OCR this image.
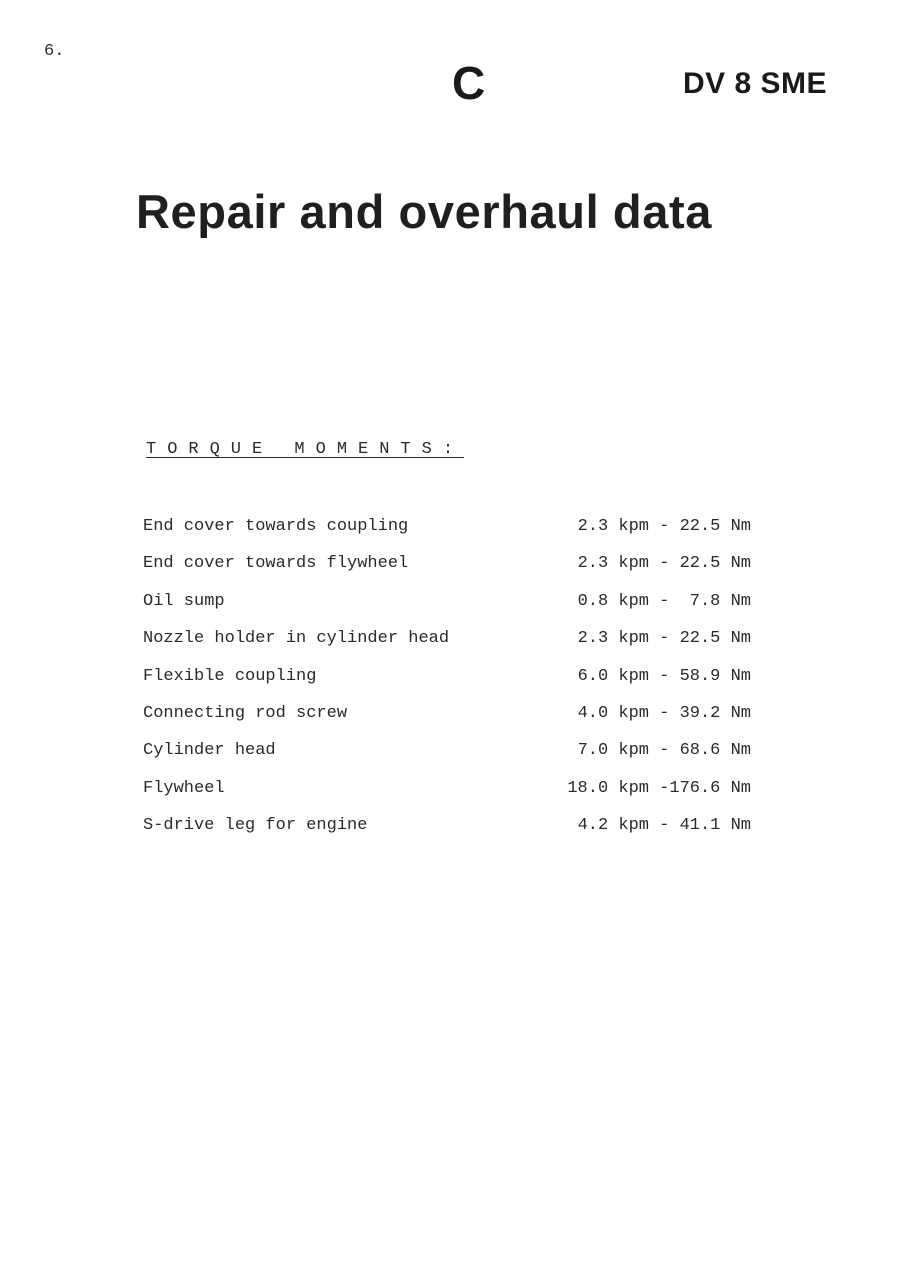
6.
C	DV 8 SME
Repair and overhaul data
TORQUE MOMENTS:
End cover towards coupling	2.3 kpm - 22.5 Nm
End cover towards flywheel	2.3 kpm - 22.5 Nm
Oil sump	0.8 kpm -  7.8 Nm
Nozzle holder in cylinder head	2.3 kpm - 22.5 Nm
Flexible coupling	6.0 kpm - 58.9 Nm
Connecting rod screw	4.0 kpm - 39.2 Nm
Cylinder head	7.0 kpm - 68.6 Nm
Flywheel	18.0 kpm -176.6 Nm
S-drive leg for engine	4.2 kpm - 41.1 Nm
